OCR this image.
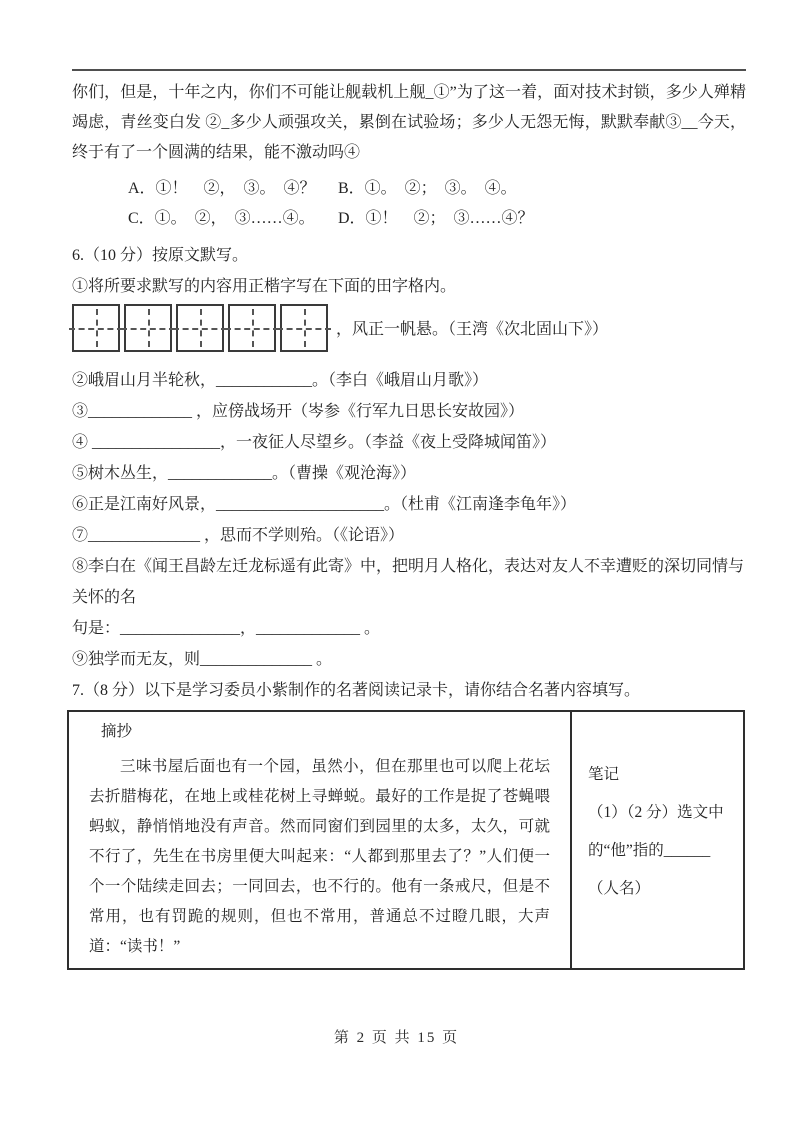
你们，但是，十年之内，你们不可能让舰载机上舰_①”为了这一着，面对技术封锁，多少人殚精竭虑，青丝变白发 ②_多少人顽强攻关，累倒在试验场；多少人无怨无悔，默默奉献③__今天，终于有了一个圆满的结果，能不激动吗④

A．①！　②，　③。　④？	B．①。　②；　③。　④。
C．①。　②，　③……④。	D．①！　②；　③……④？

6.（10 分）按原文默写。

①将所要求默写的内容用正楷字写在下面的田字格内。

，风正一帆悬。（王湾《次北固山下》）

②峨眉山月半轮秋，____________。（李白《峨眉山月歌》）

③_____________ ，应傍战场开（岑参《行军九日思长安故园》）

④ ________________，一夜征人尽望乡。（李益《夜上受降城闻笛》）

⑤树木丛生，_____________。（曹操《观沧海》）

⑥正是江南好风景，_____________________。（杜甫《江南逢李龟年》）

⑦______________ ，思而不学则殆。（《论语》）

⑧李白在《闻王昌龄左迁龙标遥有此寄》中，把明月人格化，表达对友人不幸遭贬的深切同情与关怀的名

句是：_______________，_____________ 。

⑨独学而无友，则______________ 。

7.（8 分）以下是学习委员小紫制作的名著阅读记录卡，请你结合名著内容填写。

摘抄

三味书屋后面也有一个园，虽然小，但在那里也可以爬上花坛去折腊梅花，在地上或桂花树上寻蝉蜕。最好的工作是捉了苍蝇喂蚂蚁，静悄悄地没有声音。然而同窗们到园里的太多，太久，可就不行了，先生在书房里便大叫起来：“人都到那里去了？”人们便一个一个陆续走回去；一同回去，也不行的。他有一条戒尺，但是不常用，也有罚跪的规则，但也不常用，普通总不过瞪几眼，大声道：“读书！”

笔记

（1）（2 分）选文中的“他”指的______（人名）

第 2 页 共 15 页
